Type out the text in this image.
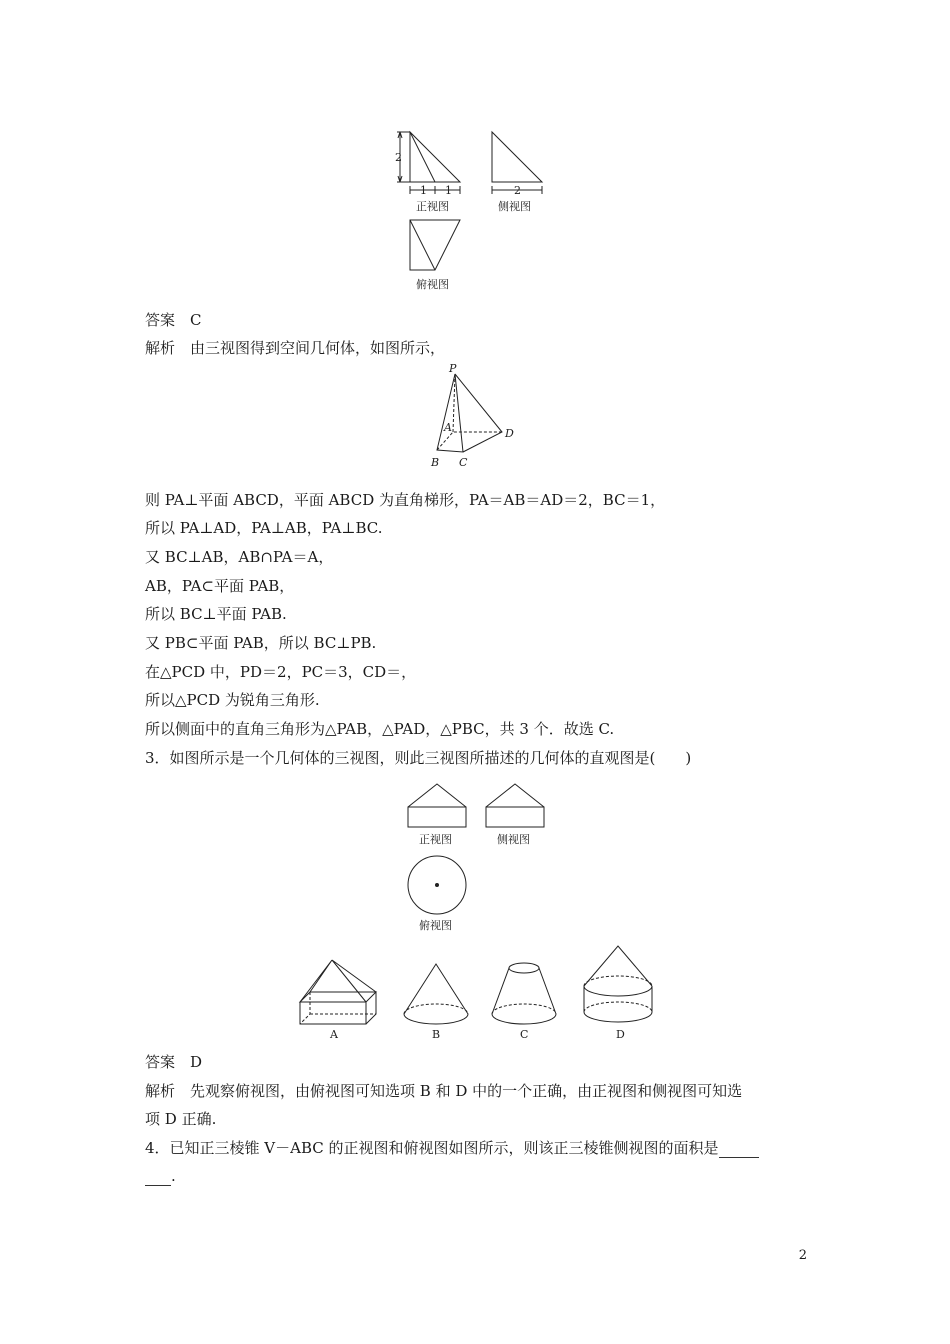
2
1 1	2
正视图	侧视图
俯视图
答案　 C
解析　 由三视图得到空间几何体，如图所示，
P
A
B C
D
则 PA⊥平面 ABCD，平面 ABCD 为直角梯形，PA＝AB＝AD＝2，BC＝1，
所以 PA⊥AD，PA⊥AB，PA⊥BC.
又 BC⊥AB，AB∩PA＝A，
AB，PA⊂平面 PAB，
所以 BC⊥平面 PAB.
又 PB⊂平面 PAB，所以 BC⊥PB.
在△PCD 中，PD＝2，PC＝3，CD＝，
所以△PCD 为锐角三角形.
所以侧面中的直角三角形为△PAB，△PAD，△PBC，共 3 个．故选 C.
3．如图所示是一个几何体的三视图，则此三视图所描述的几何体的直观图是(　　)
正视图	侧视图
俯视图
A	B	C	D
答案　 D
解析　 先观察俯视图，由俯视图可知选项 B 和 D 中的一个正确，由正视图和侧视图可知选
项 D 正确.
4．已知正三棱锥 V－ABC 的正视图和俯视图如图所示，则该正三棱锥侧视图的面积是
.
2
